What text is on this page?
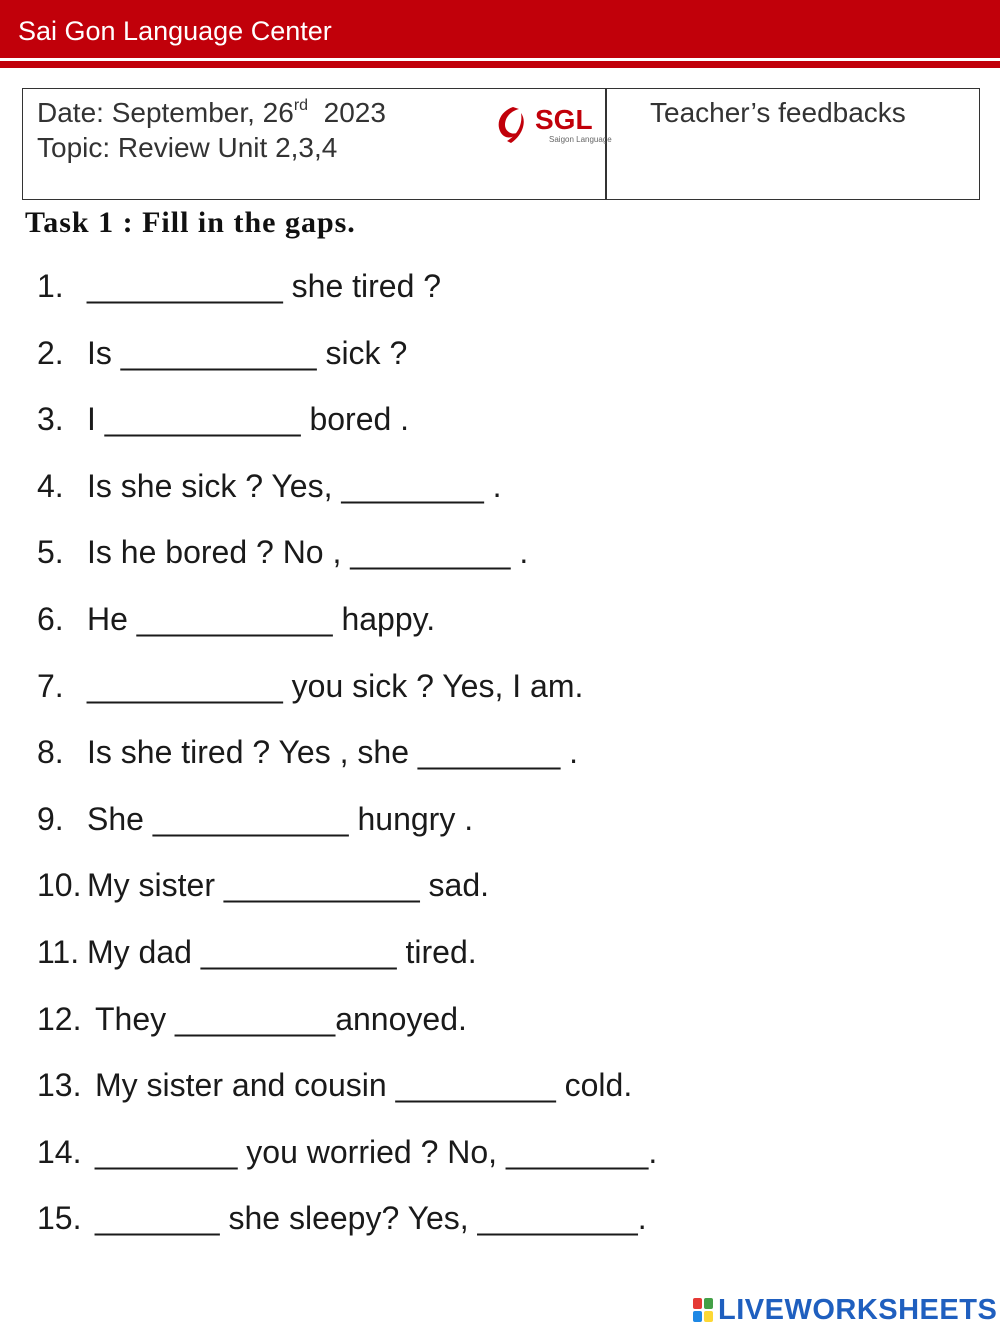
Sai Gon Language Center
Date: September, 26rd 2023
Topic: Review Unit 2,3,4
SGL
Saigon Language
Teacher’s feedbacks
Task 1 : Fill in the gaps.
1. ___________ she tired ?
2. Is ___________ sick ?
3. I ___________ bored .
4. Is she sick ? Yes, ________ .
5. Is he bored ? No , _________ .
6. He ___________ happy.
7. ___________ you sick ? Yes, I am.
8. Is she tired ? Yes , she ________ .
9. She ___________ hungry .
10. My sister ___________ sad.
11. My dad ___________ tired.
12. They _________annoyed.
13. My sister and cousin _________ cold.
14. ________ you worried ? No, ________.
15. _______ she sleepy? Yes, _________.
LIVEWORKSHEETS
